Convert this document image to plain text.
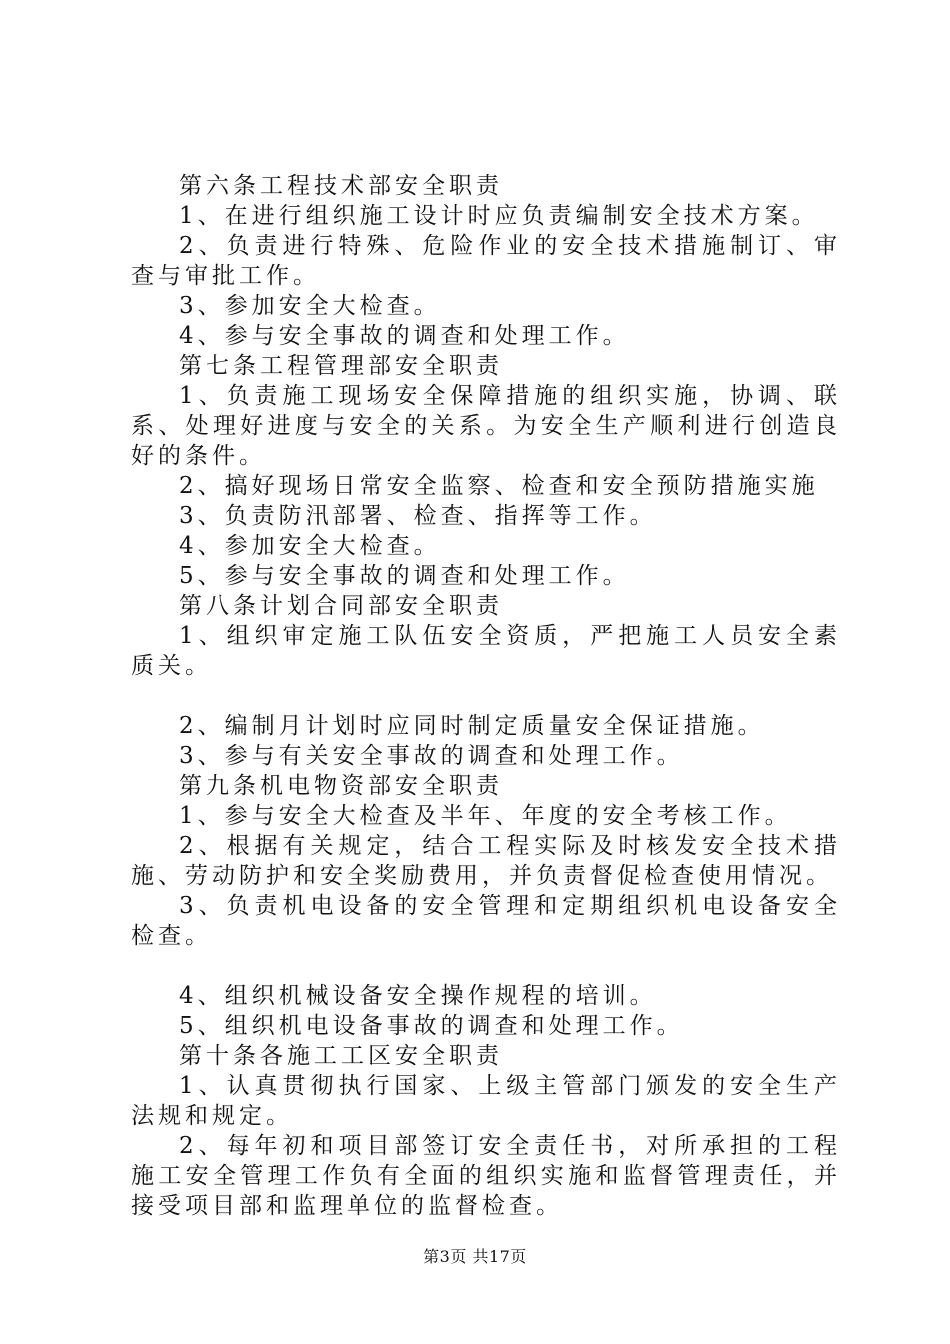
第六条工程技术部安全职责

1、在进行组织施工设计时应负责编制安全技术方案。

2、负责进行特殊、危险作业的安全技术措施制订、审查与审批工作。

3、参加安全大检查。

4、参与安全事故的调查和处理工作。

第七条工程管理部安全职责

1、负责施工现场安全保障措施的组织实施，协调、联系、处理好进度与安全的关系。为安全生产顺利进行创造良好的条件。

2、搞好现场日常安全监察、检查和安全预防措施实施

3、负责防汛部署、检查、指挥等工作。

4、参加安全大检查。

5、参与安全事故的调查和处理工作。

第八条计划合同部安全职责

1、组织审定施工队伍安全资质，严把施工人员安全素质关。

2、编制月计划时应同时制定质量安全保证措施。

3、参与有关安全事故的调查和处理工作。

第九条机电物资部安全职责

1、参与安全大检查及半年、年度的安全考核工作。

2、根据有关规定，结合工程实际及时核发安全技术措施、劳动防护和安全奖励费用，并负责督促检查使用情况。

3、负责机电设备的安全管理和定期组织机电设备安全检查。

4、组织机械设备安全操作规程的培训。

5、组织机电设备事故的调查和处理工作。

第十条各施工工区安全职责

1、认真贯彻执行国家、上级主管部门颁发的安全生产法规和规定。

2、每年初和项目部签订安全责任书，对所承担的工程施工安全管理工作负有全面的组织实施和监督管理责任，并接受项目部和监理单位的监督检查。

第3页 共17页
